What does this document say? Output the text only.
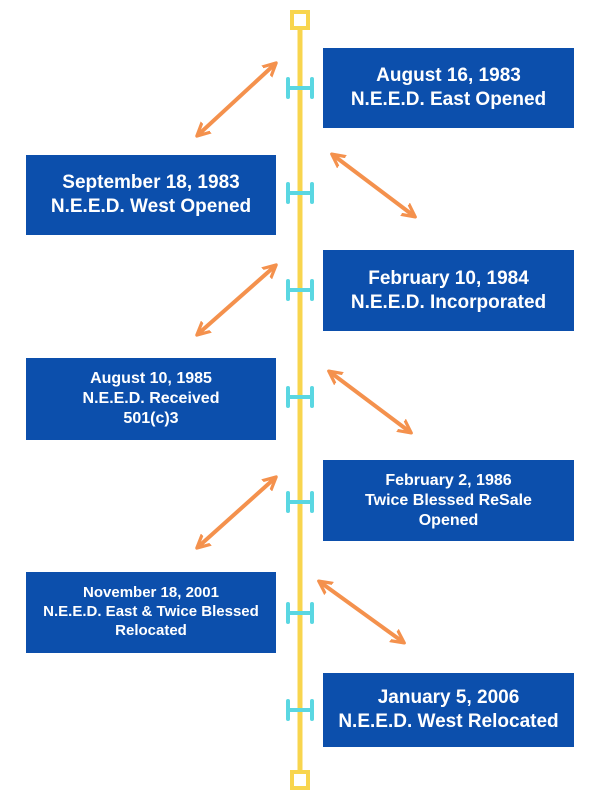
August 16, 1983
N.E.E.D. East Opened
September 18, 1983
N.E.E.D. West Opened
February 10, 1984
N.E.E.D. Incorporated
August 10, 1985
N.E.E.D. Received
501(c)3
February 2, 1986
Twice Blessed ReSale
Opened
November 18, 2001
N.E.E.D. East & Twice Blessed
Relocated
January 5, 2006
N.E.E.D. West Relocated
